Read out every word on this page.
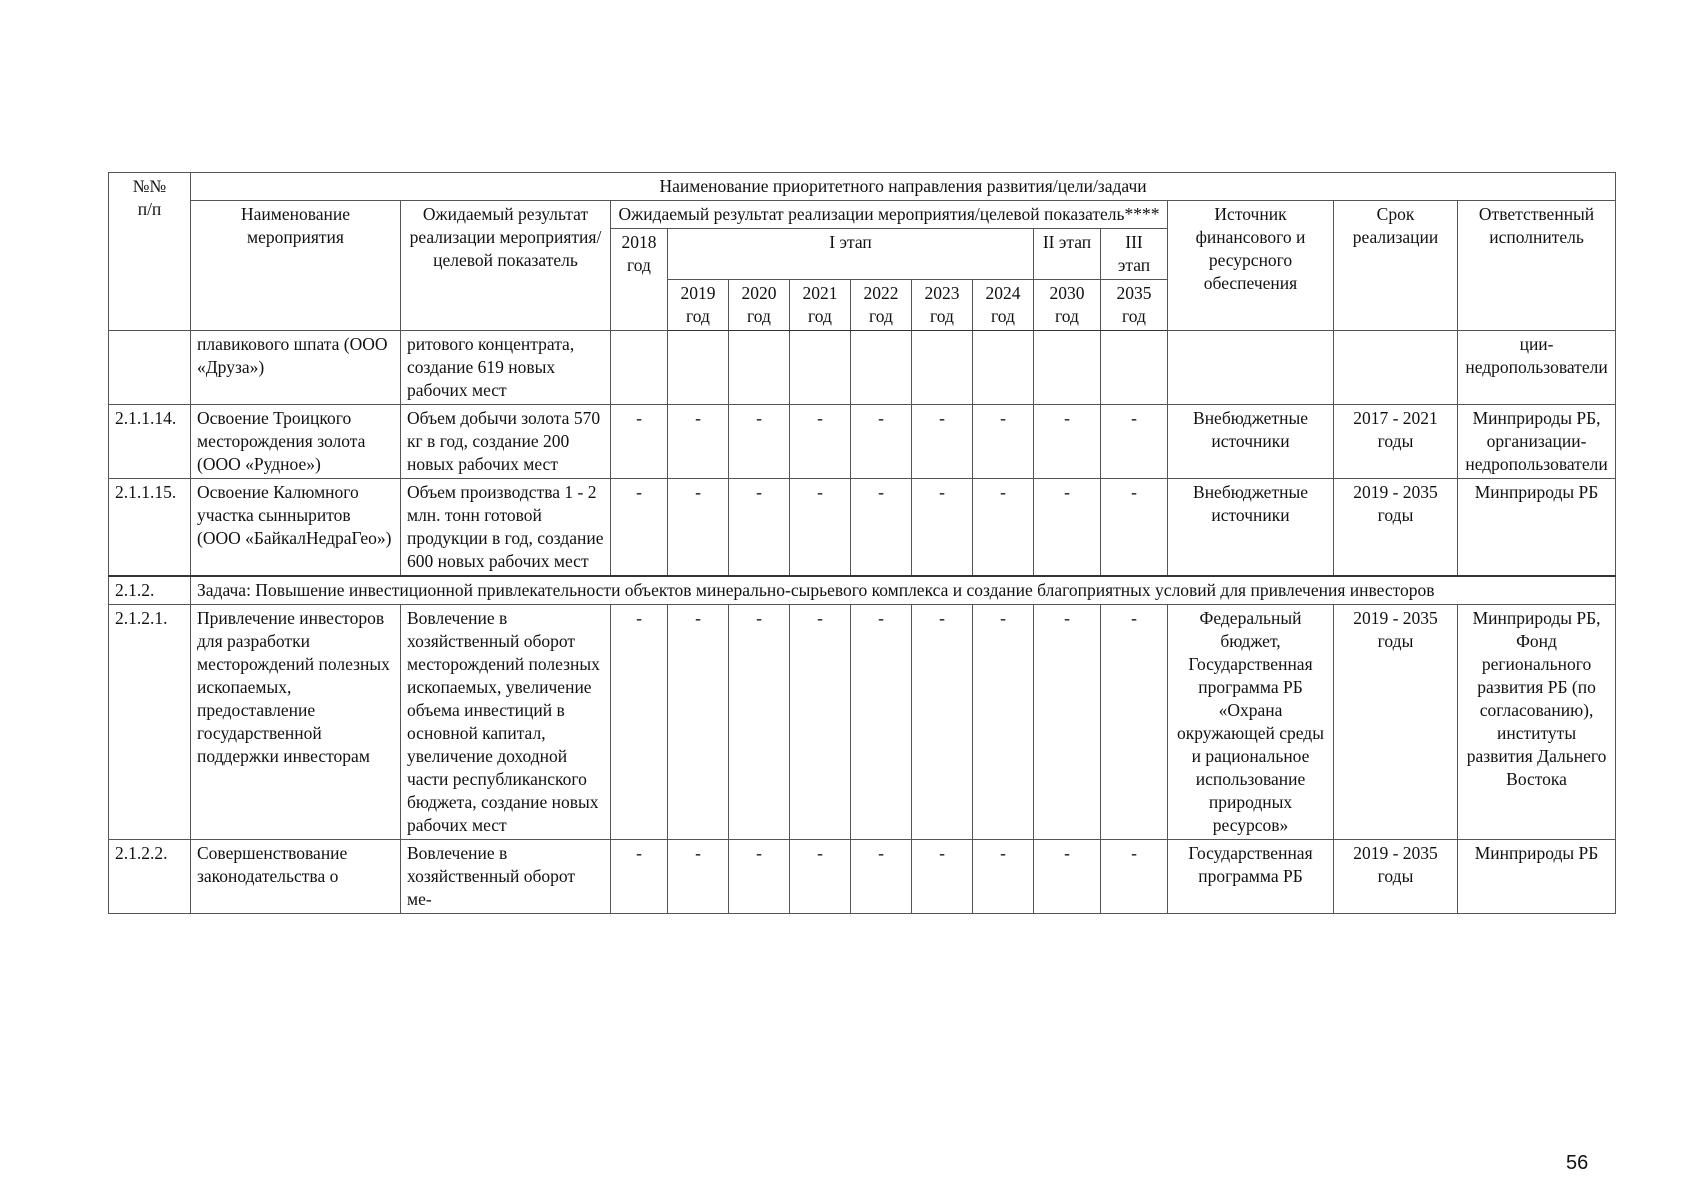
№№
п/п	Наименование приоритетного направления развития/цели/задачи													
	Наименование мероприятия	Ожидаемый результат реализации мероприятия/целевой показатель	Ожидаемый результат реализации мероприятия/целевой показатель****									Источник финансового и ресурсного обеспечения	Срок реализации	Ответственный исполнитель
			2018 год	I этап						II этап	III этап			
				2019 год	2020 год	2021 год	2022 год	2023 год	2024 год	2030 год	2035 год			
	плавикового шпата (ООО «Друза»)	ритового концентрата, создание 619 новых рабочих мест												ции-недропользователи
2.1.1.14.	Освоение Троицкого месторождения золота (ООО «Рудное»)	Объем добычи золота 570 кг в год, создание 200 новых рабочих мест	-	-	-	-	-	-	-	-	-	Внебюджетные источники	2017 - 2021 годы	Минприроды РБ, организации-недропользователи
2.1.1.15.	Освоение Калюмного участка сынныритов (ООО «БайкалНедраГео»)	Объем производства 1 - 2 млн. тонн готовой продукции в год, создание 600 новых рабочих мест	-	-	-	-	-	-	-	-	-	Внебюджетные источники	2019 - 2035 годы	Минприроды РБ
2.1.2.	Задача: Повышение инвестиционной привлекательности объектов минерально-сырьевого комплекса и создание благоприятных условий для привлечения инвесторов													
2.1.2.1.	Привлечение инвесторов для разработки месторождений полезных ископаемых, предоставление государственной поддержки инвесторам	Вовлечение в хозяйственный оборот месторождений полезных ископаемых, увеличение объема инвестиций в основной капитал, увеличение доходной части республиканского бюджета, создание новых рабочих мест	-	-	-	-	-	-	-	-	-	Федеральный бюджет, Государственная программа РБ «Охрана окружающей среды и рациональное использование природных ресурсов»	2019 - 2035 годы	Минприроды РБ, Фонд регионального развития РБ (по согласованию), институты развития Дальнего Востока
2.1.2.2.	Совершенствование законодательства о	Вовлечение в хозяйственный оборот ме-	-	-	-	-	-	-	-	-	-	Государственная программа РБ	2019 - 2035 годы	Минприроды РБ
56
